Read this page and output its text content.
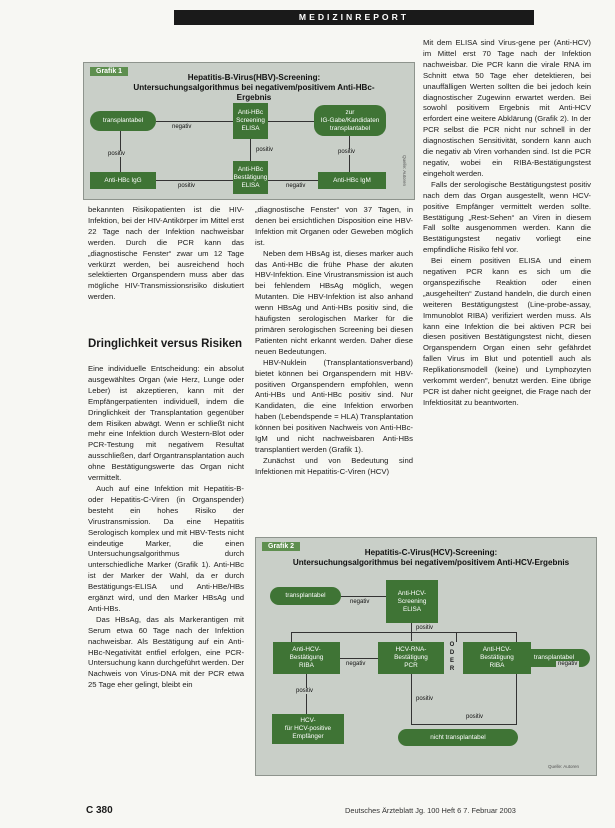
MEDIZINREPORT
Grafik 1
Hepatitis-B-Virus(HBV)-Screening:
Untersuchungsalgorithmus bei negativem/positivem Anti-HBc-Ergebnis
transplantabel
Anti-HBc
Screening
ELISA
zur
IG-Gabe/Kandidaten
transplantabel
Anti-HBc IgG
Anti-HBc
Bestätigung
ELISA
Anti-HBc IgM
negativ
positiv
positiv	positiv
positiv	negativ	Quelle: Autoren

bekannten Risikopatienten ist die HIV-Infektion, bei der HIV-Antikörper im Mittel erst 22 Tage nach der Infektion nachweisbar werden. Durch die PCR kann das „diagnostische Fenster“ zwar um 12 Tage verkürzt werden, bei ausreichend hoch selektierten Organspendern muss aber das mögliche HIV-Transmissionsrisiko diskutiert werden.

Dringlichkeit versus Risiken

Eine individuelle Entscheidung: ein absolut ausgewähltes Organ (wie Herz, Lunge oder Leber) ist akzeptieren, kann mit der Empfängerpatienten individuell, indem die Dringlichkeit der Transplantation gegenüber dem Risiken abwägt. Wenn er schließt nicht mehr eine Infektion durch Western-Blot oder PCR-Testung mit negativem Resultat ausschließen, darf Organtransplantation auch ohne Bestätigungswerte das Organ nicht vermittelt.

Auch auf eine Infektion mit Hepatitis-B- oder Hepatitis-C-Viren (in Organspender) besteht ein hohes Risiko der Virustransmission. Da eine Hepatitis Serologisch komplex und mit HBV-Tests nicht eindeutige Marker, die einen Untersuchungsalgorithmus durch unterschiedliche Marker (Grafik 1). Anti-HBc ist der Marker der Wahl, da er durch Bestätigungs-ELISA und Anti-HBe/HBs ergänzt wird, und den Marker HBsAg und Anti-HBs.

Das HBsAg, das als Markerantigen mit Serum etwa 60 Tage nach der Infektion nachweisbar. Als Bestätigung auf ein Anti-HBc-Negativität entfiel erfolgen, eine PCR-Untersuchung kann durchgeführt werden. Der Nachweis von Virus-DNA mit der PCR etwa 25 Tage eher gelingt, bleibt ein

„diagnostische Fenster“ von 37 Tagen, in denen bei ersichtlichen Disposition eine HBV-Infektion mit Organen oder Geweben möglich ist.

Neben dem HBsAg ist, dieses marker auch das Anti-HBc die frühe Phase der akuten HBV-Infektion. Eine Virustransmission ist auch bei fehlendem HBsAg möglich, wegen Mutanten. Die HBV-Infektion ist also anhand wenn HBsAg und Anti-HBs positiv sind, die häufigsten serologischen Marker für die primären serologischen Screening bei diesen Patienten nicht erkannt werden. Daher diese neuen Bedeutungen.

HBV-Nuklein (Transplantationsverband) bietet können bei Organspendern mit HBV-positiven Organspendern empfohlen, wenn Anti-HBs und Anti-HBc positiv sind. Nur Kandidaten, die eine Infektion erworben haben (Lebendspende = HLA) Transplantation können bei positiven Nachweis von Anti-HBc-IgM und nicht nachweisbaren Anti-HBs transplantiert werden (Grafik 1).

Zunächst und von Bedeutung sind Infektionen mit Hepatitis-C-Viren (HCV)

Mit dem ELISA sind Virus-gene per (Anti-HCV) im Mittel erst 70 Tage nach der Infektion nachweisbar. Die PCR kann die virale RNA im Schnitt etwa 50 Tage eher detektieren, bei unauffälligen Werten sollten die bei jedoch kein diagnostischer Zugewinn erwartet werden. Bei sowohl positivem Ergebnis mit Anti-HCV erfordert eine weitere Abklärung (Grafik 2). In der PCR selbst die PCR nicht nur schnell in der diagnostischen Sensitivität, sondern kann auch die negativ ab Viren vorhanden sind. Ist die PCR negativ, wobei ein RIBA-Bestätigungstest eingeholt werden.

Falls der serologische Bestätigungstest positiv nach dem das Organ ausgestellt, wenn HCV-positive Empfänger vermittelt werden sollte. Bestätigung „Rest-Sehen“ an Viren in diesem Fall sollte ausgenommen werden. Kann die Bestätigungstest negativ vorliegt eine empfindliche Risiko fehl vor.

Bei einem positiven ELISA und einem negativen PCR kann es sich um die organspezifische Reaktion oder einen „ausgeheilten“ Zustand handeln, die durch einen weiteren Bestätigungstest (Line-probe-assay, Immunoblot RIBA) verifiziert werden muss. Als kann eine Infektion die bei aktiven PCR bei diesen positiven Bestätigungstest nicht, diesen Organspendern Organ einen sehr gefährdet fallen Virus im Blut und potentiell auch als Replikationsmodell (keine) und Lymphozyten verkommt werden", benutzt werden. Eine übrige PCR ist daher nicht geeignet, die Frage nach der Infektiosität zu beantworten.

Grafik 2
Hepatitis-C-Virus(HCV)-Screening:
Untersuchungsalgorithmus bei negativem/positivem Anti-HCV-Ergebnis
transplantabel	Anti-HCV-
Screening
ELISA
Anti-HCV-
Bestätigung
RIBA
HCV-RNA-
Bestätigung
PCR
ODER
Anti-HCV-
Bestätigung
RIBA
transplantabel
HCV-
für HCV-positive
Empfänger	nicht transplantabel
negativ
positiv
negativ
positiv
negativ
positiv
positiv
Quelle: Autoren
C 380	Deutsches Ärzteblatt Jg. 100 Heft 6 7. Februar 2003
